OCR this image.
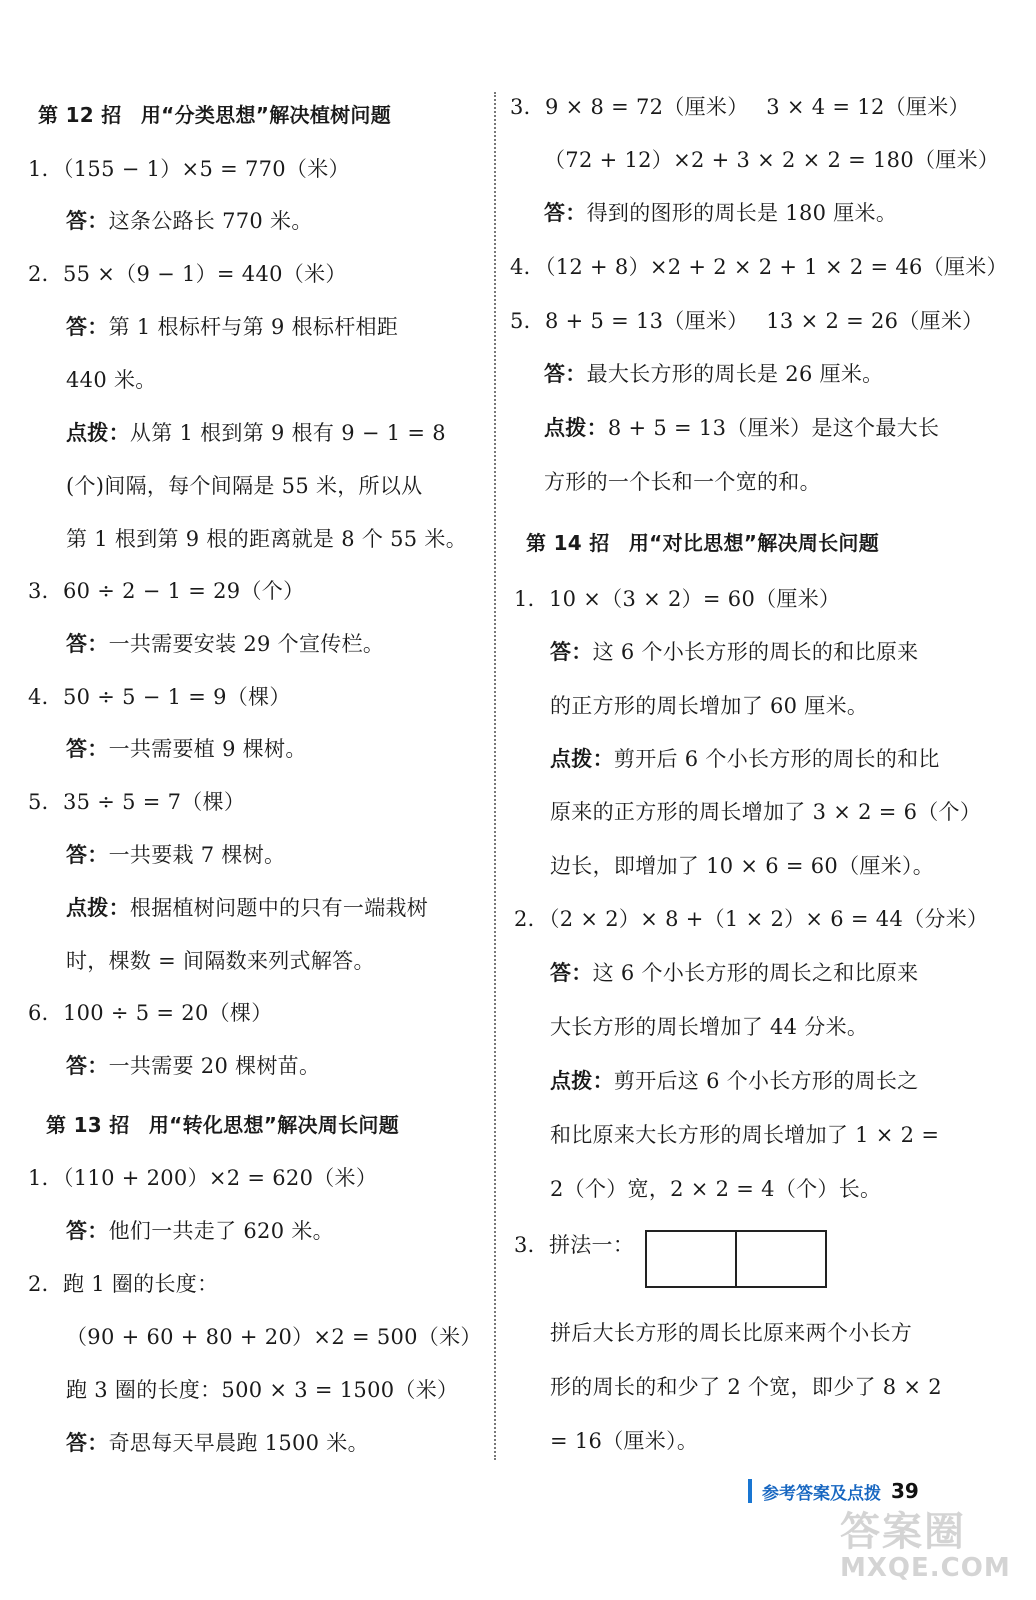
第 12 招 用“分类思想”解决植树问题
1．（155 − 1）×5 = 770（米）
答：这条公路长 770 米。
2．55 ×（9 − 1）= 440（米）
答：第 1 根标杆与第 9 根标杆相距
440 米。
点拨：从第 1 根到第 9 根有 9 − 1 = 8
(个)间隔，每个间隔是 55 米，所以从
第 1 根到第 9 根的距离就是 8 个 55 米。
3．60 ÷ 2 − 1 = 29（个）
答：一共需要安装 29 个宣传栏。
4．50 ÷ 5 − 1 = 9（棵）
答：一共需要植 9 棵树。
5．35 ÷ 5 = 7（棵）
答：一共要栽 7 棵树。
点拨：根据植树问题中的只有一端栽树
时，棵数 = 间隔数来列式解答。
6．100 ÷ 5 = 20（棵）
答：一共需要 20 棵树苗。
第 13 招 用“转化思想”解决周长问题
1．（110 + 200）×2 = 620（米）
答：他们一共走了 620 米。
2．跑 1 圈的长度：
（90 + 60 + 80 + 20）×2 = 500（米）
跑 3 圈的长度：500 × 3 = 1500（米）
答：奇思每天早晨跑 1500 米。
3．9 × 8 = 72（厘米）　 3 × 4 = 12（厘米）
（72 + 12）×2 + 3 × 2 × 2 = 180（厘米）
答：得到的图形的周长是 180 厘米。
4．（12 + 8）×2 + 2 × 2 + 1 × 2 = 46（厘米）
5．8 + 5 = 13（厘米）　 13 × 2 = 26（厘米）
答：最大长方形的周长是 26 厘米。
点拨：8 + 5 = 13（厘米）是这个最大长
方形的一个长和一个宽的和。
第 14 招 用“对比思想”解决周长问题
1．10 ×（3 × 2）= 60（厘米）
答：这 6 个小长方形的周长的和比原来
的正方形的周长增加了 60 厘米。
点拨：剪开后 6 个小长方形的周长的和比
原来的正方形的周长增加了 3 × 2 = 6（个）
边长，即增加了 10 × 6 = 60（厘米）。
2．（2 × 2）× 8 +（1 × 2）× 6 = 44（分米）
答：这 6 个小长方形的周长之和比原来
大长方形的周长增加了 44 分米。
点拨：剪开后这 6 个小长方形的周长之
和比原来大长方形的周长增加了 1 × 2 =
2（个）宽，2 × 2 = 4（个）长。
3．拼法一：
拼后大长方形的周长比原来两个小长方
形的周长的和少了 2 个宽，即少了 8 × 2
= 16（厘米）。
参考答案及点拨 39
答案圈
MXQE.COM
